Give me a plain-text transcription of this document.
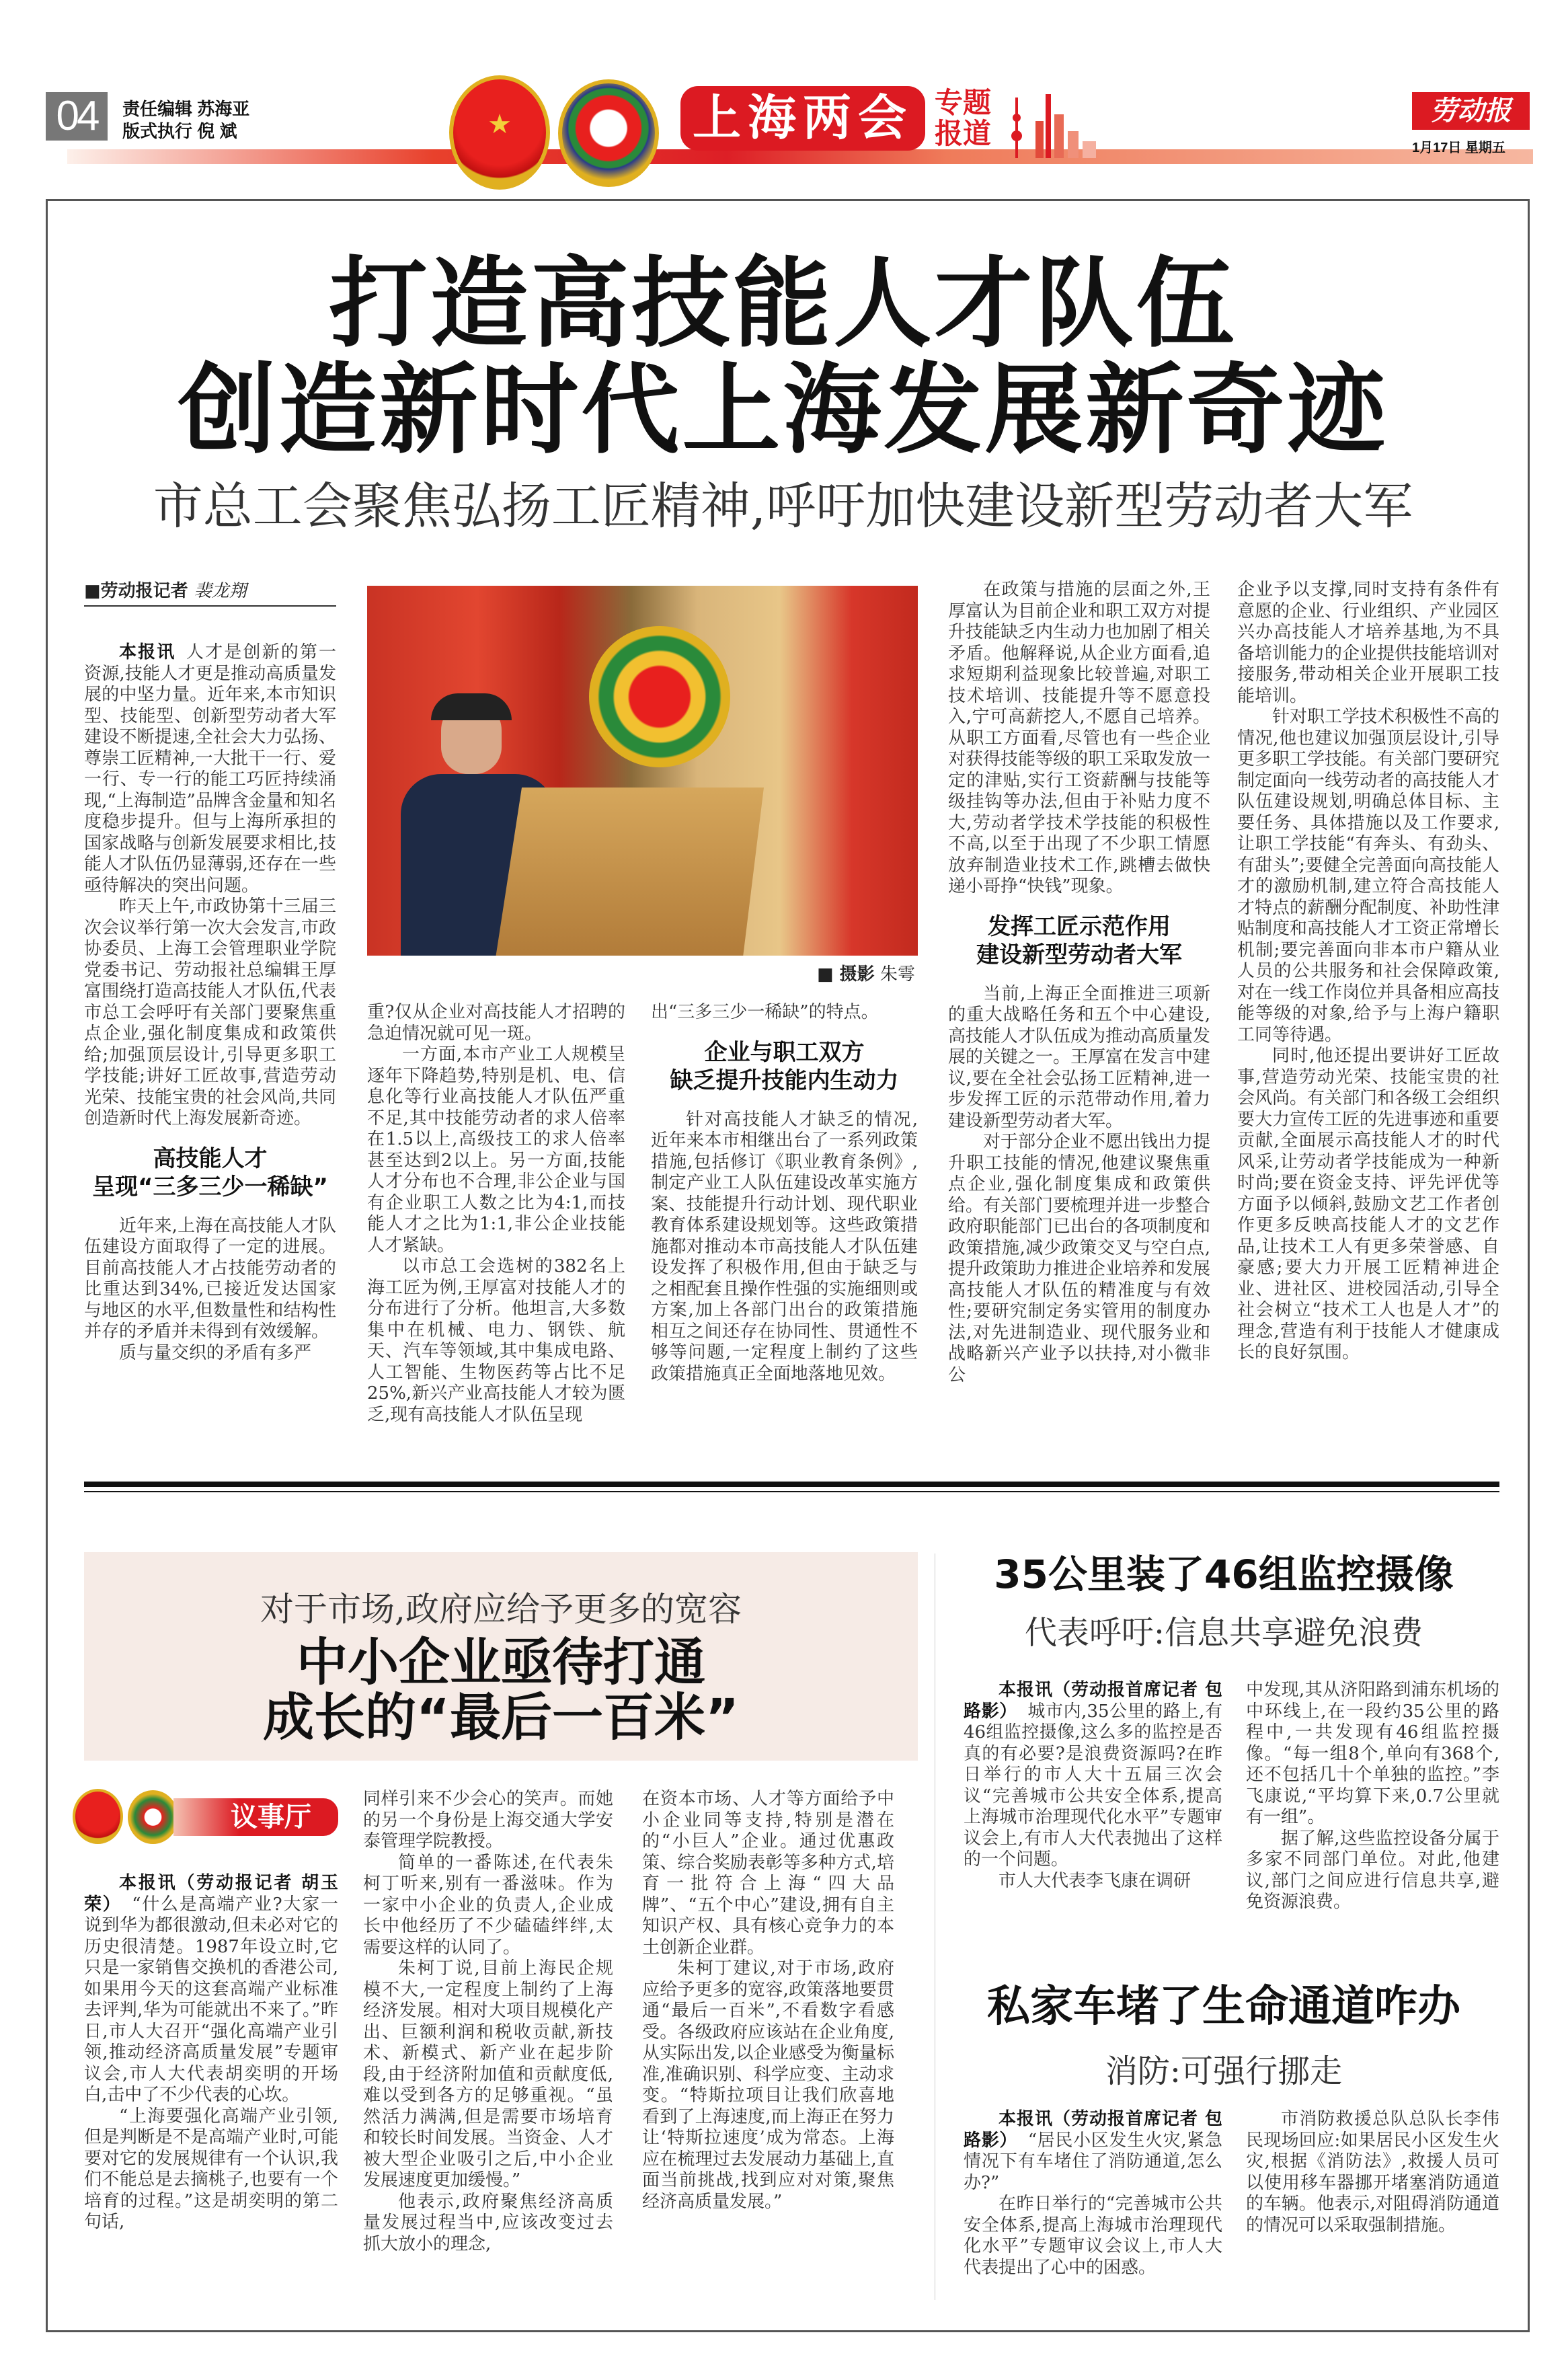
04	责任编辑 苏海亚
版式执行 倪 斌	★	上海两会 专题报道
劳动报
1月17日 星期五
打造高技能人才队伍
创造新时代上海发展新奇迹
市总工会聚焦弘扬工匠精神,呼吁加快建设新型劳动者大军
■劳动报记者 裴龙翔
■ 摄影 朱雩

本报讯 人才是创新的第一资源,技能人才更是推动高质量发展的中坚力量。近年来,本市知识型、技能型、创新型劳动者大军建设不断提速,全社会大力弘扬、尊崇工匠精神,一大批干一行、爱一行、专一行的能工巧匠持续涌现,“上海制造”品牌含金量和知名度稳步提升。但与上海所承担的国家战略与创新发展要求相比,技能人才队伍仍显薄弱,还存在一些亟待解决的突出问题。

昨天上午,市政协第十三届三次会议举行第一次大会发言,市政协委员、上海工会管理职业学院党委书记、劳动报社总编辑王厚富围绕打造高技能人才队伍,代表市总工会呼吁有关部门要聚焦重点企业,强化制度集成和政策供给;加强顶层设计,引导更多职工学技能;讲好工匠故事,营造劳动光荣、技能宝贵的社会风尚,共同创造新时代上海发展新奇迹。

高技能人才
呈现“三多三少一稀缺”

近年来,上海在高技能人才队伍建设方面取得了一定的进展。目前高技能人才占技能劳动者的比重达到34%,已接近发达国家与地区的水平,但数量性和结构性并存的矛盾并未得到有效缓解。

质与量交织的矛盾有多严

重?仅从企业对高技能人才招聘的急迫情况就可见一斑。

一方面,本市产业工人规模呈逐年下降趋势,特别是机、电、信息化等行业高技能人才队伍严重不足,其中技能劳动者的求人倍率在1.5以上,高级技工的求人倍率甚至达到2以上。另一方面,技能人才分布也不合理,非公企业与国有企业职工人数之比为4:1,而技能人才之比为1:1,非公企业技能人才紧缺。

以市总工会选树的382名上海工匠为例,王厚富对技能人才的分布进行了分析。他坦言,大多数集中在机械、电力、钢铁、航天、汽车等领域,其中集成电路、人工智能、生物医药等占比不足25%,新兴产业高技能人才较为匮乏,现有高技能人才队伍呈现

出“三多三少一稀缺”的特点。

企业与职工双方
缺乏提升技能内生动力

针对高技能人才缺乏的情况,近年来本市相继出台了一系列政策措施,包括修订《职业教育条例》,制定产业工人队伍建设改革实施方案、技能提升行动计划、现代职业教育体系建设规划等。这些政策措施都对推动本市高技能人才队伍建设发挥了积极作用,但由于缺乏与之相配套且操作性强的实施细则或方案,加上各部门出台的政策措施相互之间还存在协同性、贯通性不够等问题,一定程度上制约了这些政策措施真正全面地落地见效。

在政策与措施的层面之外,王厚富认为目前企业和职工双方对提升技能缺乏内生动力也加剧了相关矛盾。他解释说,从企业方面看,追求短期利益现象比较普遍,对职工技术培训、技能提升等不愿意投入,宁可高薪挖人,不愿自己培养。从职工方面看,尽管也有一些企业对获得技能等级的职工采取发放一定的津贴,实行工资薪酬与技能等级挂钩等办法,但由于补贴力度不大,劳动者学技术学技能的积极性不高,以至于出现了不少职工情愿放弃制造业技术工作,跳槽去做快递小哥挣“快钱”现象。

发挥工匠示范作用
建设新型劳动者大军

当前,上海正全面推进三项新的重大战略任务和五个中心建设,高技能人才队伍成为推动高质量发展的关键之一。王厚富在发言中建议,要在全社会弘扬工匠精神,进一步发挥工匠的示范带动作用,着力建设新型劳动者大军。

对于部分企业不愿出钱出力提升职工技能的情况,他建议聚焦重点企业,强化制度集成和政策供给。有关部门要梳理并进一步整合政府职能部门已出台的各项制度和政策措施,减少政策交叉与空白点,提升政策助力推进企业培养和发展高技能人才队伍的精准度与有效性;要研究制定务实管用的制度办法,对先进制造业、现代服务业和战略新兴产业予以扶持,对小微非公

企业予以支撑,同时支持有条件有意愿的企业、行业组织、产业园区兴办高技能人才培养基地,为不具备培训能力的企业提供技能培训对接服务,带动相关企业开展职工技能培训。

针对职工学技术积极性不高的情况,他也建议加强顶层设计,引导更多职工学技能。有关部门要研究制定面向一线劳动者的高技能人才队伍建设规划,明确总体目标、主要任务、具体措施以及工作要求,让职工学技能“有奔头、有劲头、有甜头”;要健全完善面向高技能人才的激励机制,建立符合高技能人才特点的薪酬分配制度、补助性津贴制度和高技能人才工资正常增长机制;要完善面向非本市户籍从业人员的公共服务和社会保障政策,对在一线工作岗位并具备相应高技能等级的对象,给予与上海户籍职工同等待遇。

同时,他还提出要讲好工匠故事,营造劳动光荣、技能宝贵的社会风尚。有关部门和各级工会组织要大力宣传工匠的先进事迹和重要贡献,全面展示高技能人才的时代风采,让劳动者学技能成为一种新时尚;要在资金支持、评先评优等方面予以倾斜,鼓励文艺工作者创作更多反映高技能人才的文艺作品,让技术工人有更多荣誉感、自豪感;要大力开展工匠精神进企业、进社区、进校园活动,引导全社会树立“技术工人也是人才”的理念,营造有利于技能人才健康成长的良好氛围。

对于市场,政府应给予更多的宽容
中小企业亟待打通
成长的“最后一百米”
议事厅

本报讯（劳动报记者 胡玉荣） “什么是高端产业?大家一说到华为都很激动,但未必对它的历史很清楚。1987年设立时,它只是一家销售交换机的香港公司,如果用今天的这套高端产业标准去评判,华为可能就出不来了。”昨日,市人大召开“强化高端产业引领,推动经济高质量发展”专题审议会,市人大代表胡奕明的开场白,击中了不少代表的心坎。

“上海要强化高端产业引领,但是判断是不是高端产业时,可能要对它的发展规律有一个认识,我们不能总是去摘桃子,也要有一个培育的过程。”这是胡奕明的第二句话,

同样引来不少会心的笑声。而她的另一个身份是上海交通大学安泰管理学院教授。

简单的一番陈述,在代表朱柯丁听来,别有一番滋味。作为一家中小企业的负责人,企业成长中他经历了不少磕磕绊绊,太需要这样的认同了。

朱柯丁说,目前上海民企规模不大,一定程度上制约了上海经济发展。相对大项目规模化产出、巨额利润和税收贡献,新技术、新模式、新产业在起步阶段,由于经济附加值和贡献度低,难以受到各方的足够重视。“虽然活力满满,但是需要市场培育和较长时间发展。当资金、人才被大型企业吸引之后,中小企业发展速度更加缓慢。”

他表示,政府聚焦经济高质量发展过程当中,应该改变过去抓大放小的理念,

在资本市场、人才等方面给予中小企业同等支持,特别是潜在的“小巨人”企业。通过优惠政策、综合奖励表彰等多种方式,培育一批符合上海“四大品牌”、“五个中心”建设,拥有自主知识产权、具有核心竞争力的本土创新企业群。

朱柯丁建议,对于市场,政府应给予更多的宽容,政策落地要贯通“最后一百米”,不看数字看感受。各级政府应该站在企业角度,从实际出发,以企业感受为衡量标准,准确识别、科学应变、主动求变。“特斯拉项目让我们欣喜地看到了上海速度,而上海正在努力让‘特斯拉速度’成为常态。上海应在梳理过去发展动力基础上,直面当前挑战,找到应对对策,聚焦经济高质量发展。”

35公里装了46组监控摄像
代表呼吁:信息共享避免浪费

本报讯（劳动报首席记者 包路影） 城市内,35公里的路上,有46组监控摄像,这么多的监控是否真的有必要?是浪费资源吗?在昨日举行的市人大十五届三次会议“完善城市公共安全体系,提高上海城市治理现代化水平”专题审议会上,有市人大代表抛出了这样的一个问题。

市人大代表李飞康在调研

中发现,其从济阳路到浦东机场的中环线上,在一段约35公里的路程中,一共发现有46组监控摄像。“每一组8个,单向有368个,还不包括几十个单独的监控。”李飞康说,“平均算下来,0.7公里就有一组”。

据了解,这些监控设备分属于多家不同部门单位。对此,他建议,部门之间应进行信息共享,避免资源浪费。

私家车堵了生命通道咋办
消防:可强行挪走

本报讯（劳动报首席记者 包路影） “居民小区发生火灾,紧急情况下有车堵住了消防通道,怎么办?”

在昨日举行的“完善城市公共安全体系,提高上海城市治理现代化水平”专题审议会议上,市人大代表提出了心中的困惑。

市消防救援总队总队长李伟民现场回应:如果居民小区发生火灾,根据《消防法》,救援人员可以使用移车器挪开堵塞消防通道的车辆。他表示,对阻碍消防通道的情况可以采取强制措施。
